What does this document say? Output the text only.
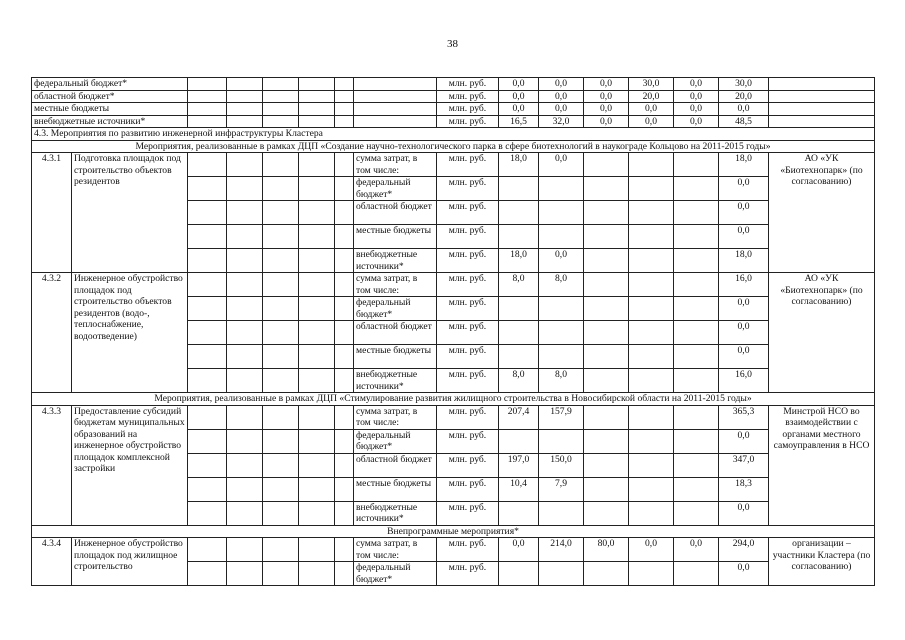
38
федеральный бюджет*								млн. руб.	0,0	0,0	0,0	30,0	0,0	30,0	
областной бюджет*								млн. руб.	0,0	0,0	0,0	20,0	0,0	20,0	
местные бюджеты								млн. руб.	0,0	0,0	0,0	0,0	0,0	0,0	
внебюджетные источники*								млн. руб.	16,5	32,0	0,0	0,0	0,0	48,5	
4.3. Мероприятия по развитию инженерной инфраструктуры Кластера															
Мероприятия, реализованные в рамках ДЦП «Создание научно-технологического парка в сфере биотехнологий в наукограде Кольцово на 2011-2015 годы»															
4.3.1	Подготовка площадок под строительство объектов резидентов						сумма затрат, в том числе:	млн. руб.	18,0	0,0				18,0	АО «УК «Биотехнопарк» (по согласованию)
							федеральный бюджет*	млн. руб.						0,0	
							областной бюджет	млн. руб.						0,0	
							местные бюджеты	млн. руб.						0,0	
							внебюджетные источники*	млн. руб.	18,0	0,0				18,0	
4.3.2	Инженерное обустройство площадок под строительство объектов резидентов (водо-, теплоснабжение, водоотведение)						сумма затрат, в том числе:	млн. руб.	8,0	8,0				16,0	АО «УК «Биотехнопарк» (по согласованию)
							федеральный бюджет*	млн. руб.						0,0	
							областной бюджет	млн. руб.						0,0	
							местные бюджеты	млн. руб.						0,0	
							внебюджетные источники*	млн. руб.	8,0	8,0				16,0	
Мероприятия, реализованные в рамках ДЦП «Стимулирование развития жилищного строительства в Новосибирской области на 2011-2015 годы»															
4.3.3	Предоставление субсидий бюджетам муниципальных образований на инженерное обустройство площадок комплексной застройки						сумма затрат, в том числе:	млн. руб.	207,4	157,9				365,3	Минстрой НСО во взаимодействии с органами местного самоуправления в НСО
							федеральный бюджет*	млн. руб.						0,0	
							областной бюджет	млн. руб.	197,0	150,0				347,0	
							местные бюджеты	млн. руб.	10,4	7,9				18,3	
							внебюджетные источники*	млн. руб.						0,0	
Внепрограммные мероприятия*															
4.3.4	Инженерное обустройство площадок под жилищное строительство						сумма затрат, в том числе:	млн. руб.	0,0	214,0	80,0	0,0	0,0	294,0	организации – участники Кластера (по согласованию)
							федеральный бюджет*	млн. руб.						0,0	
